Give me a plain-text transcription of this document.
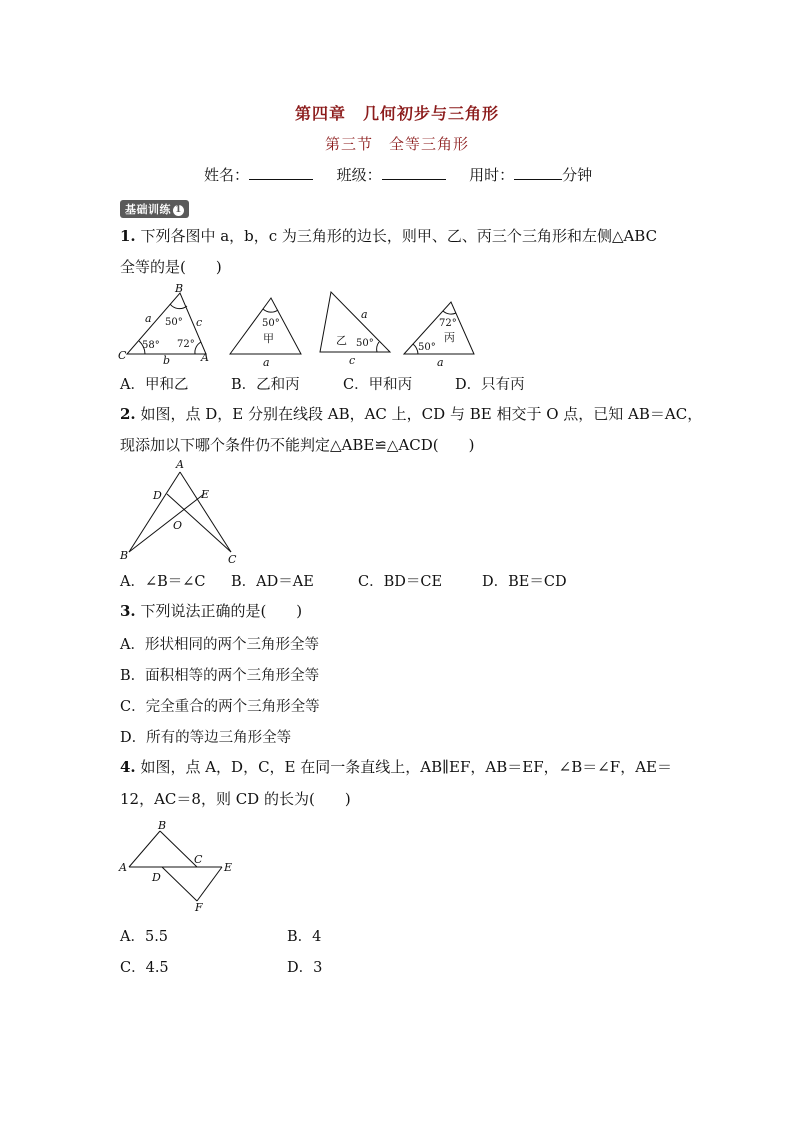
第四章　几何初步与三角形
第三节　全等三角形
姓名：	班级：	用时：	分钟
基础训练 1
1. 下列各图中 a，b，c 为三角形的边长，则甲、乙、丙三个三角形和左侧△ABC
全等的是(　　)
B
C	A
a
b
c
50°
58° 72°
50°
甲
a
乙 50°
a
c
72°
丙
50°
a
A．甲和乙	B．乙和丙	C．甲和丙	D．只有丙
2. 如图，点 D，E 分别在线段 AB，AC 上，CD 与 BE 相交于 O 点，已知 AB＝AC，
现添加以下哪个条件仍不能判定△ABE≌△ACD(　　)
A
B	C
D	E
O
A．∠B＝∠C B．AD＝AE	C．BD＝CE	D．BE＝CD
3. 下列说法正确的是(　　)
A．形状相同的两个三角形全等
B．面积相等的两个三角形全等
C．完全重合的两个三角形全等
D．所有的等边三角形全等
4. 如图，点 A，D，C，E 在同一条直线上，AB∥EF，AB＝EF，∠B＝∠F，AE＝
12，AC＝8，则 CD 的长为(　　)
B
A
C
D
E
F
A．5.5	B．4
C．4.5	D．3
